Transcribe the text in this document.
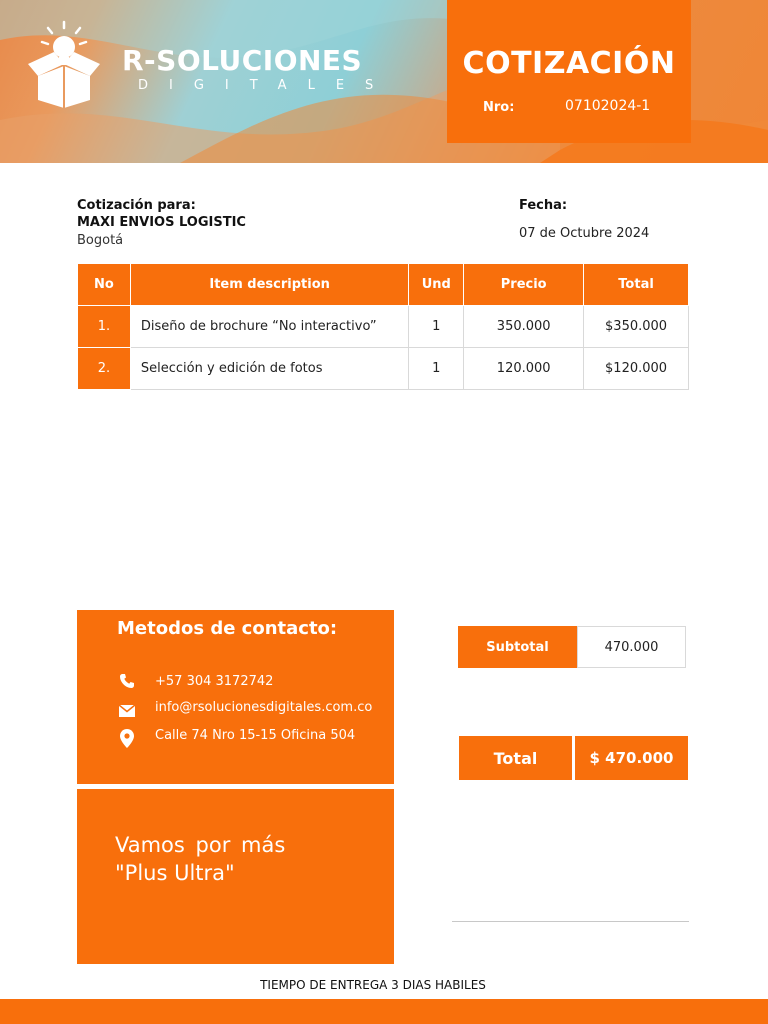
R-SOLUCIONES
DIGITALES
COTIZACIÓN
Nro:	07102024-1
Cotización para:
MAXI ENVIOS LOGISTIC
Bogotá
Fecha:
07 de Octubre 2024
No	Item description	Und	Precio	Total
1.	Diseño de brochure “No interactivo”	1	350.000	$350.000
2.	Selección y edición de fotos	1	120.000	$120.000
Metodos de contacto:
+57 304 3172742
info@rsolucionesdigitales.com.co
Calle 74 Nro 15-15 Oficina 504
Vamos por más
"Plus Ultra"
Subtotal	470.000
Total	$ 470.000
TIEMPO DE ENTREGA 3 DIAS HABILES
